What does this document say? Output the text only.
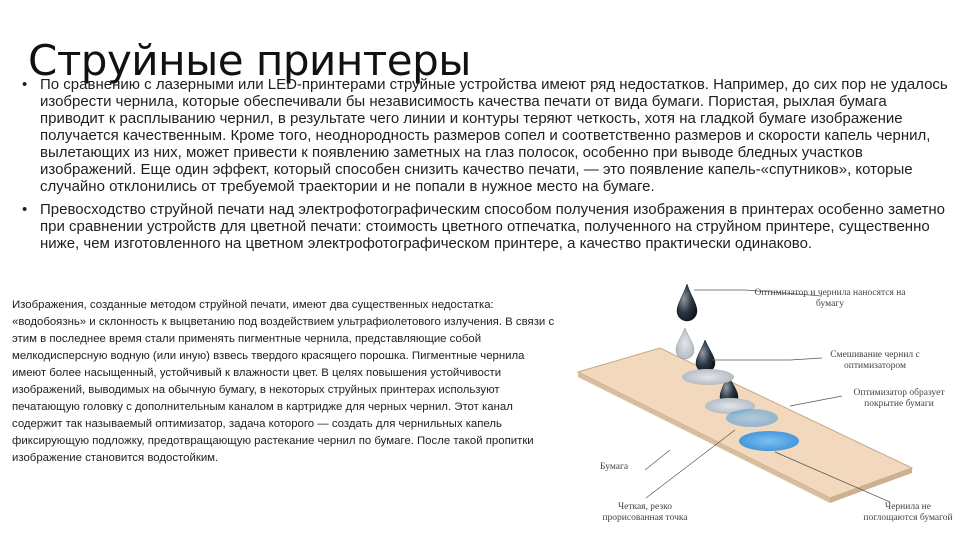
Струйные принтеры
• По сравнению с лазерными или LED-принтерами струйные устройства имеют ряд недостатков. Например, до сих пор не удалось изобрести чернила, которые обеспечивали бы независимость качества печати от вида бумаги. Пористая, рыхлая бумага приводит к расплыванию чернил, в результате чего линии и контуры теряют четкость, хотя на гладкой бумаге изображение получается качественным. Кроме того, неоднородность размеров сопел и соответственно размеров и скорости капель чернил, вылетающих из них, может привести к появлению заметных на глаз полосок, особенно при выводе бледных участков изображений. Еще один эффект, который способен снизить качество печати, — это появление капель-«спутников», которые случайно отклонились от требуемой траектории и не попали в нужное место на бумаге.
• Превосходство струйной печати над электрофотографическим способом получения изображения в принтерах особенно заметно при сравнении устройств для цветной печати: стоимость цветного отпечатка, полученного на струйном принтере, существенно ниже, чем изготовленного на цветном электрофотографическом принтере, а качество практически одинаково.

Изображения, созданные методом струйной печати, имеют два существенных недостатка: «водобоязнь» и склонность к выцветанию под воздействием ультрафиолетового излучения. В связи с этим в последнее время стали применять пигментные чернила, представляющие собой мелкодисперсную водную (или иную) взвесь твердого красящего порошка. Пигментные чернила имеют более насыщенный, устойчивый к влажности цвет. В целях повышения устойчивости изображений, выводимых на обычную бумагу, в некоторых струйных принтерах используют печатающую головку с дополнительным каналом в картридже для черных чернил. Этот канал содержит так называемый оптимизатор, задача которого — создать для чернильных капель фиксирующую подложку, предотвращающую растекание чернил по бумаге. После такой пропитки изображение становится водостойким.

Оптимизатор и чернила наносятся на бумагу

Смешивание чернил с оптимизатором

Оптимизатор образует покрытие бумаги

Бумага

Четкая, резко прорисованная точка

Чернила не поглощаются бумагой
